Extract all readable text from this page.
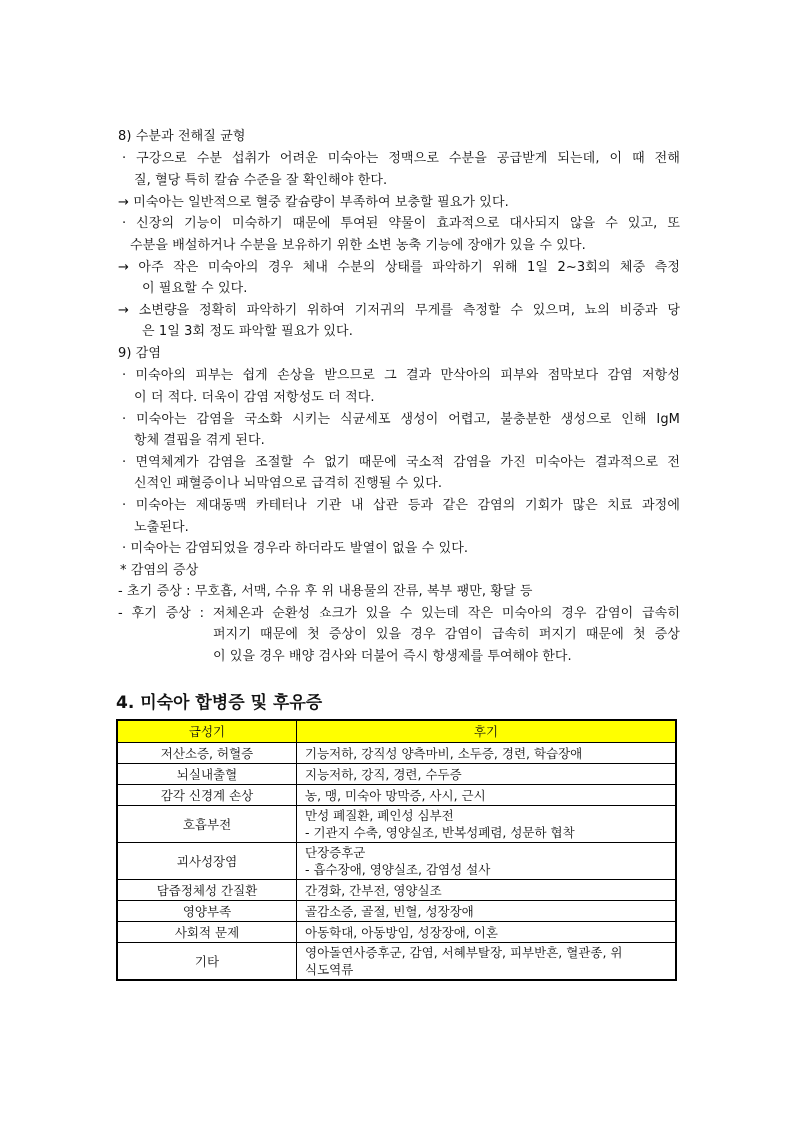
8) 수분과 전해질 균형
· 구강으로 수분 섭취가 어려운 미숙아는 정맥으로 수분을 공급받게 되는데, 이 때 전해
질, 혈당 특히 칼슘 수준을 잘 확인해야 한다.
→ 미숙아는 일반적으로 혈중 칼슘량이 부족하여 보충할 필요가 있다.
· 신장의 기능이 미숙하기 때문에 투여된 약물이 효과적으로 대사되지 않을 수 있고, 또
수분을 배설하거나 수분을 보유하기 위한 소변 농축 기능에 장애가 있을 수 있다.
→ 아주 작은 미숙아의 경우 체내 수분의 상태를 파악하기 위해 1일 2~3회의 체중 측정
이 필요할 수 있다.
→ 소변량을 정확히 파악하기 위하여 기저귀의 무게를 측정할 수 있으며, 뇨의 비중과 당
은 1일 3회 정도 파악할 필요가 있다.
9) 감염
· 미숙아의 피부는 쉽게 손상을 받으므로 그 결과 만삭아의 피부와 점막보다 감염 저항성
이 더 적다. 더욱이 감염 저항성도 더 적다.
· 미숙아는 감염을 국소화 시키는 식균세포 생성이 어렵고, 불충분한 생성으로 인해 IgM
항체 결핍을 겪게 된다.
· 면역체계가 감염을 조절할 수 없기 때문에 국소적 감염을 가진 미숙아는 결과적으로 전
신적인 패혈증이나 뇌막염으로 급격히 진행될 수 있다.
· 미숙아는 제대동맥 카테터나 기관 내 삽관 등과 같은 감염의 기회가 많은 치료 과정에
노출된다.
· 미숙아는 감염되었을 경우라 하더라도 발열이 없을 수 있다.
* 감염의 증상
- 초기 증상 : 무호흡, 서맥, 수유 후 위 내용물의 잔류, 복부 팽만, 황달 등
- 후기 증상 : 저체온과 순환성 쇼크가 있을 수 있는데 작은 미숙아의 경우 감염이 급속히
퍼지기 때문에 첫 증상이 있을 경우 감염이 급속히 퍼지기 때문에 첫 증상
이 있을 경우 배양 검사와 더불어 즉시 항생제를 투여해야 한다.
4. 미숙아 합병증 및 후유증
급성기	후기
저산소증, 허혈증	기능저하, 강직성 양측마비, 소두증, 경련, 학습장애
뇌실내출혈	지능저하, 강직, 경련, 수두증
감각 신경계 손상	농, 맹, 미숙아 망막증, 사시, 근시
호흡부전	만성 폐질환, 폐인성 심부전
- 기관지 수축, 영양실조, 반복성폐렴, 성문하 협착

괴사성장염	단장증후군
- 흡수장애, 영양실조, 감염성 설사

담즙정체성 간질환	간경화, 간부전, 영양실조
영양부족	골감소증, 골절, 빈혈, 성장장애
사회적 문제	아동학대, 아동방임, 성장장애, 이혼
기타	영아돌연사증후군, 감염, 서혜부탈장, 피부반흔, 혈관종, 위
식도역류
